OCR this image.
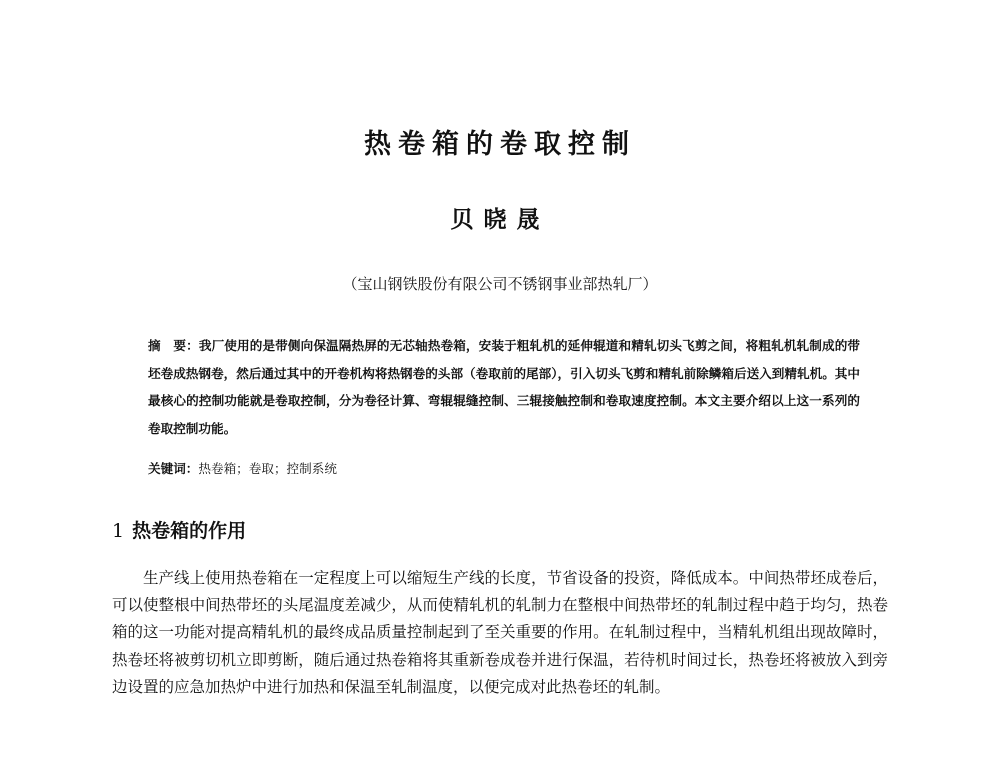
热卷箱的卷取控制
贝晓晟
（宝山钢铁股份有限公司不锈钢事业部热轧厂）
摘　要：我厂使用的是带侧向保温隔热屏的无芯轴热卷箱，安装于粗轧机的延伸辊道和精轧切头飞剪之间，将粗轧机轧制成的带坯卷成热钢卷，然后通过其中的开卷机构将热钢卷的头部（卷取前的尾部），引入切头飞剪和精轧前除鳞箱后送入到精轧机。其中最核心的控制功能就是卷取控制，分为卷径计算、弯辊辊缝控制、三辊接触控制和卷取速度控制。本文主要介绍以上这一系列的卷取控制功能。
关键词：热卷箱；卷取；控制系统
1 热卷箱的作用
生产线上使用热卷箱在一定程度上可以缩短生产线的长度，节省设备的投资，降低成本。中间热带坯成卷后，可以使整根中间热带坯的头尾温度差减少，从而使精轧机的轧制力在整根中间热带坯的轧制过程中趋于均匀，热卷箱的这一功能对提高精轧机的最终成品质量控制起到了至关重要的作用。在轧制过程中，当精轧机组出现故障时，热卷坯将被剪切机立即剪断，随后通过热卷箱将其重新卷成卷并进行保温，若待机时间过长，热卷坯将被放入到旁边设置的应急加热炉中进行加热和保温至轧制温度，以便完成对此热卷坯的轧制。
